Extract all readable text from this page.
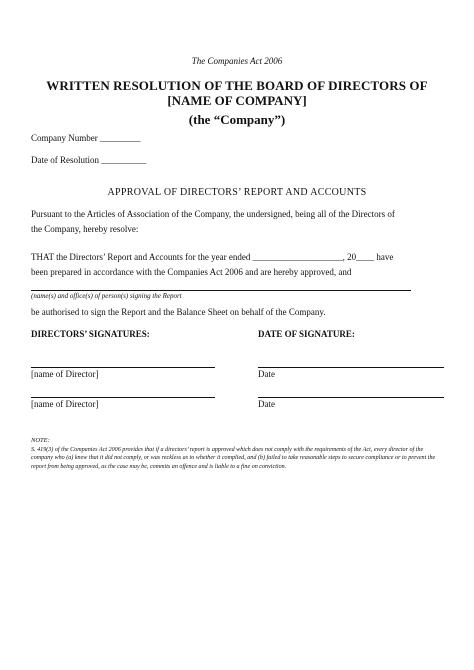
The Companies Act 2006
WRITTEN RESOLUTION OF THE BOARD OF DIRECTORS OF
[NAME OF COMPANY]
(the “Company”)
Company Number _________
Date of Resolution __________
APPROVAL OF DIRECTORS’ REPORT AND ACCOUNTS
Pursuant to the Articles of Association of the Company, the undersigned, being all of the Directors of
the Company, hereby resolve:
THAT the Directors’ Report and Accounts for the year ended ____________________, 20____ have
been prepared in accordance with the Companies Act 2006 and are hereby approved, and
(name(s) and office(s) of person(s) signing the Report
be authorised to sign the Report and the Balance Sheet on behalf of the Company.
DIRECTORS’ SIGNATURES:	DATE OF SIGNATURE:
[name of Director]	Date
[name of Director]	Date
NOTE:
S. 419(3) of the Companies Act 2006 provides that if a directors’ report is approved which does not comply with the requirements of the Act, every director of the company who (a) knew that it did not comply, or was reckless as to whether it complied, and (b) failed to take reasonable steps to secure compliance or to prevent the report from being approved, as the case may be, commits an offence and is liable to a fine on conviction.
